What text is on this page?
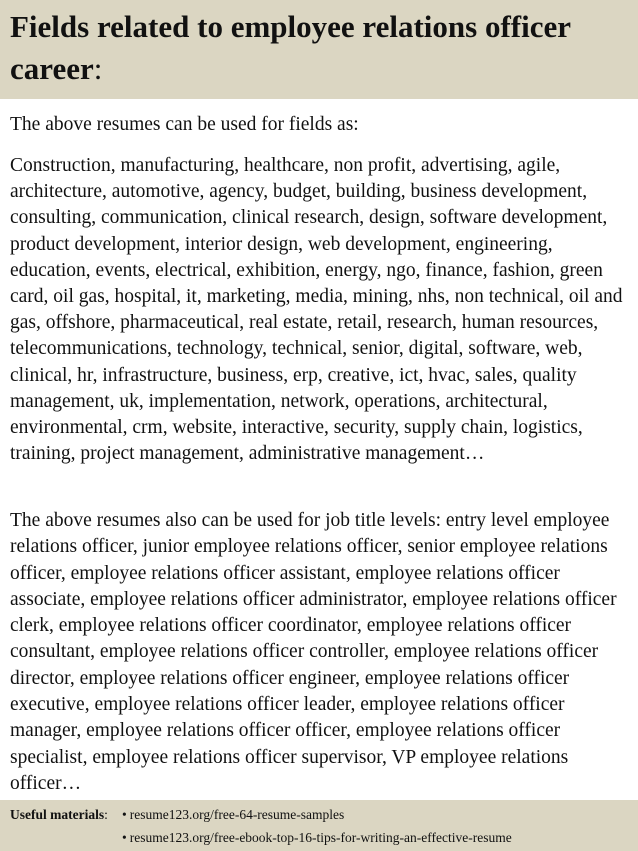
Fields related to employee relations officer career:

The above resumes can be used for fields as:

Construction, manufacturing, healthcare, non profit, advertising, agile, architecture, automotive, agency, budget, building, business development, consulting, communication, clinical research, design, software development, product development, interior design, web development, engineering, education, events, electrical, exhibition, energy, ngo, finance, fashion, green card, oil gas, hospital, it, marketing, media, mining, nhs, non technical, oil and gas, offshore, pharmaceutical, real estate, retail, research, human resources, telecommunications, technology, technical, senior, digital, software, web, clinical, hr, infrastructure, business, erp, creative, ict, hvac, sales, quality management, uk, implementation, network, operations, architectural, environmental, crm, website, interactive, security, supply chain, logistics, training, project management, administrative management…

The above resumes also can be used for job title levels: entry level employee relations officer, junior employee relations officer, senior employee relations officer, employee relations officer assistant, employee relations officer associate, employee relations officer administrator, employee relations officer clerk, employee relations officer coordinator, employee relations officer consultant, employee relations officer controller, employee relations officer director, employee relations officer engineer, employee relations officer executive, employee relations officer leader, employee relations officer manager, employee relations officer officer, employee relations officer specialist, employee relations officer supervisor, VP employee relations officer…

Useful materials: • resume123.org/free-64-resume-samples
• resume123.org/free-ebook-top-16-tips-for-writing-an-effective-resume
